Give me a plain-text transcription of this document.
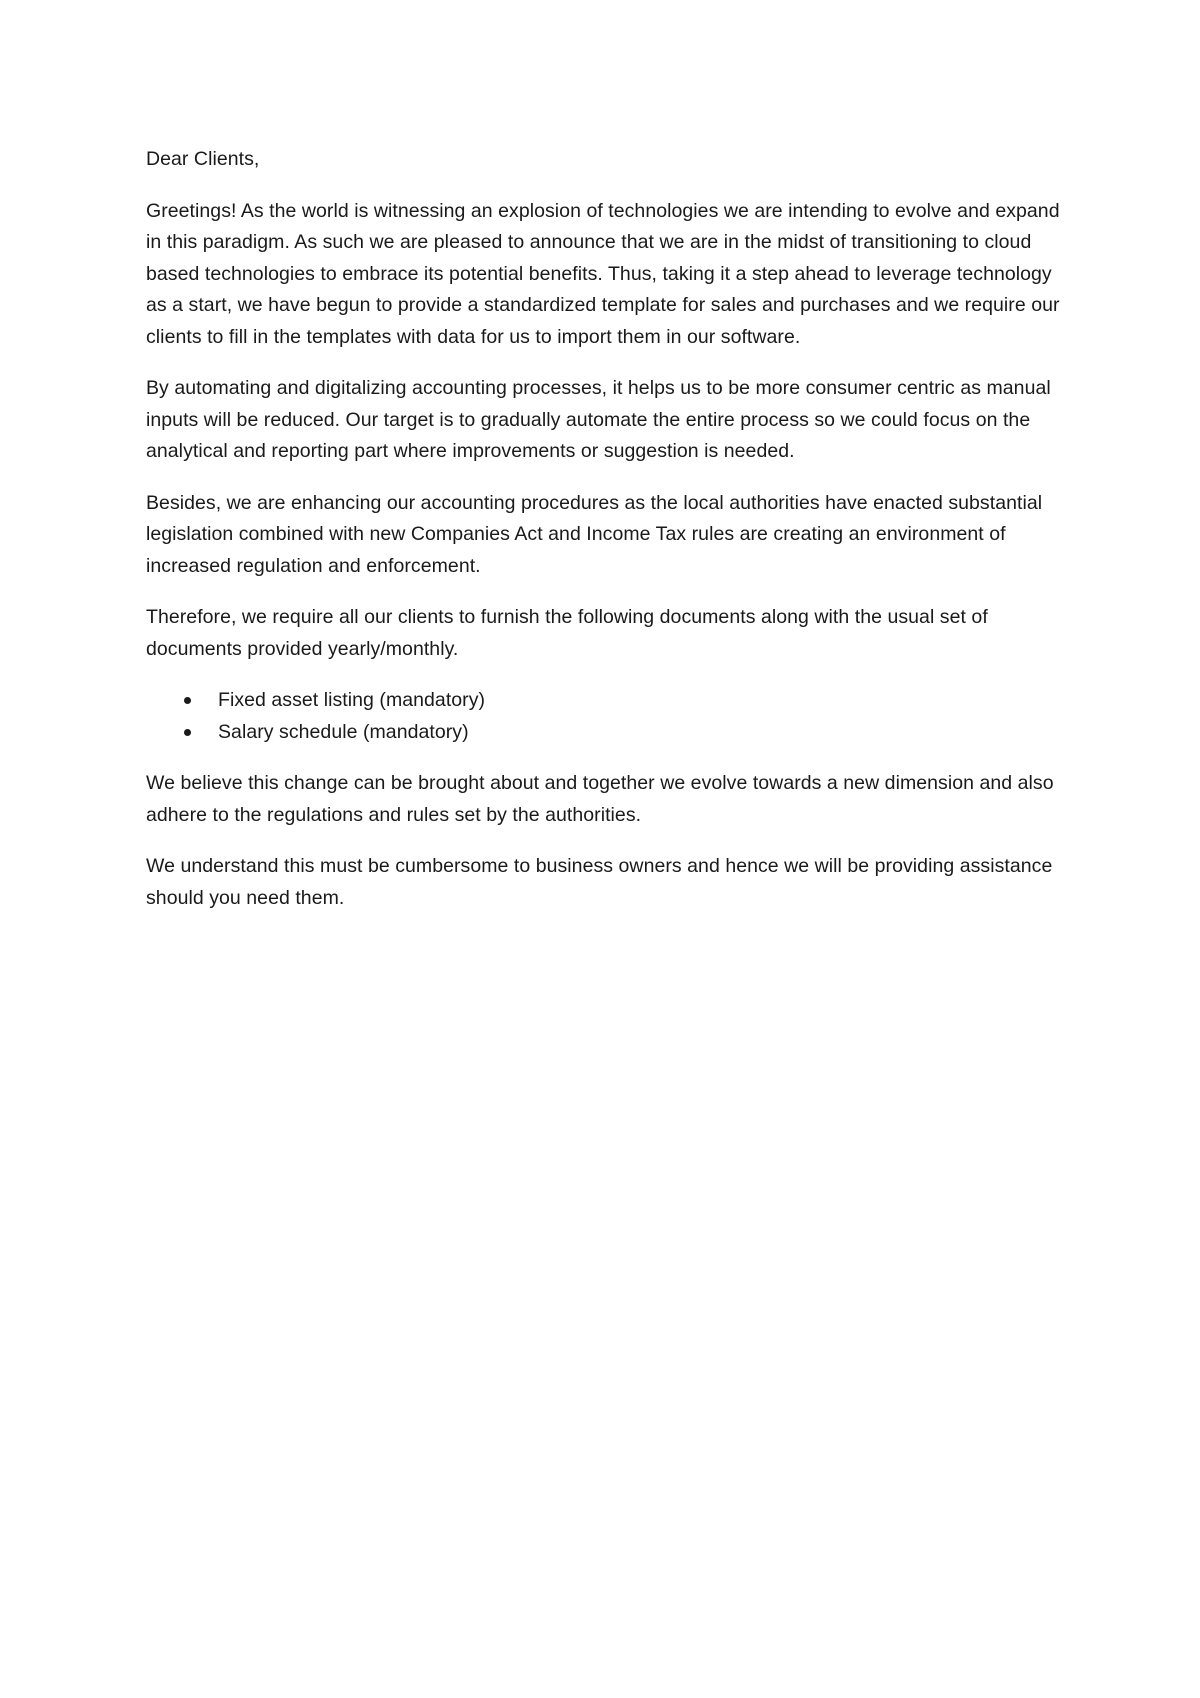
Dear Clients,

Greetings! As the world is witnessing an explosion of technologies we are intending to evolve and expand in this paradigm. As such we are pleased to announce that we are in the midst of transitioning to cloud based technologies to embrace its potential benefits. Thus, taking it a step ahead to leverage technology as a start, we have begun to provide a standardized template for sales and purchases and we require our clients to fill in the templates with data for us to import them in our software.

By automating and digitalizing accounting processes, it helps us to be more consumer centric as manual inputs will be reduced. Our target is to gradually automate the entire process so we could focus on the analytical and reporting part where improvements or suggestion is needed.

Besides, we are enhancing our accounting procedures as the local authorities have enacted substantial legislation combined with new Companies Act and Income Tax rules are creating an environment of increased regulation and enforcement.

Therefore, we require all our clients to furnish the following documents along with the usual set of documents provided yearly/monthly.

Fixed asset listing (mandatory)
Salary schedule (mandatory)

We believe this change can be brought about and together we evolve towards a new dimension and also adhere to the regulations and rules set by the authorities.

We understand this must be cumbersome to business owners and hence we will be providing assistance should you need them.
